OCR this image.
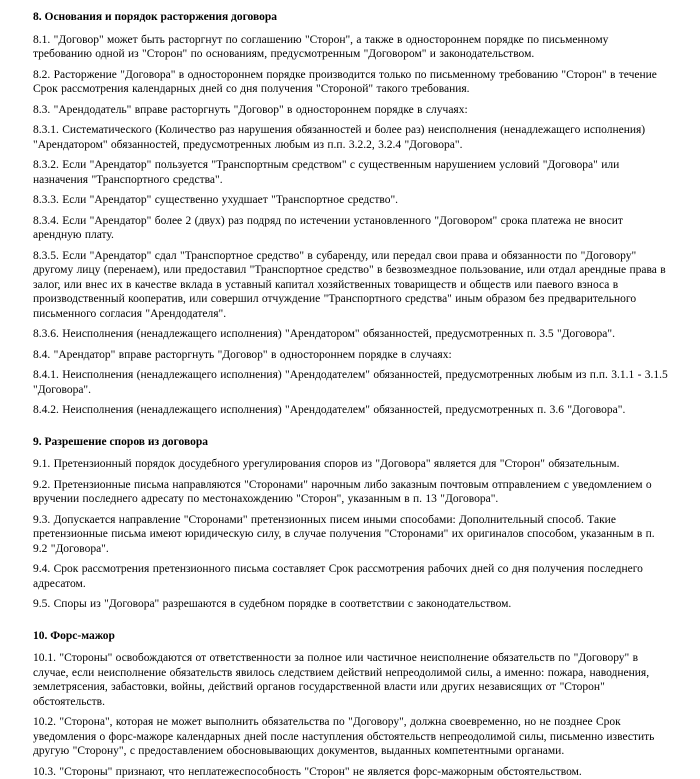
8. Основания и порядок расторжения договора

8.1. "Договор" может быть расторгнут по соглашению "Сторон", а также в одностороннем порядке по письменному требованию одной из "Сторон" по основаниям, предусмотренным "Договором" и законодательством.

8.2. Расторжение "Договора" в одностороннем порядке производится только по письменному требованию "Сторон" в течение Срок рассмотрения календарных дней со дня получения "Стороной" такого требования.

8.3. "Арендодатель" вправе расторгнуть "Договор" в одностороннем порядке в случаях:

8.3.1. Систематического (Количество раз нарушения обязанностей и более раз) неисполнения (ненадлежащего исполнения) "Арендатором" обязанностей, предусмотренных любым из п.п. 3.2.2, 3.2.4 "Договора".

8.3.2. Если "Арендатор" пользуется "Транспортным средством" с существенным нарушением условий "Договора" или назначения "Транспортного средства".

8.3.3. Если "Арендатор" существенно ухудшает "Транспортное средство".

8.3.4. Если "Арендатор" более 2 (двух) раз подряд по истечении установленного "Договором" срока платежа не вносит арендную плату.

8.3.5. Если "Арендатор" сдал "Транспортное средство" в субаренду, или передал свои права и обязанности по "Договору" другому лицу (перенаем), или предоставил "Транспортное средство" в безвозмездное пользование, или отдал арендные права в залог, или внес их в качестве вклада в уставный капитал хозяйственных товариществ и обществ или паевого взноса в производственный кооператив, или совершил отчуждение "Транспортного средства" иным образом без предварительного письменного согласия "Арендодателя".

8.3.6. Неисполнения (ненадлежащего исполнения) "Арендатором" обязанностей, предусмотренных п. 3.5 "Договора".

8.4. "Арендатор" вправе расторгнуть "Договор" в одностороннем порядке в случаях:

8.4.1. Неисполнения (ненадлежащего исполнения) "Арендодателем" обязанностей, предусмотренных любым из п.п. 3.1.1 - 3.1.5 "Договора".

8.4.2. Неисполнения (ненадлежащего исполнения) "Арендодателем" обязанностей, предусмотренных п. 3.6 "Договора".

9. Разрешение споров из договора

9.1. Претензионный порядок досудебного урегулирования споров из "Договора" является для "Сторон" обязательным.

9.2. Претензионные письма направляются "Сторонами" нарочным либо заказным почтовым отправлением с уведомлением о вручении последнего адресату по местонахождению "Сторон", указанным в п. 13 "Договора".

9.3. Допускается направление "Сторонами" претензионных писем иными способами: Дополнительный способ. Такие претензионные письма имеют юридическую силу, в случае получения "Сторонами" их оригиналов способом, указанным в п. 9.2 "Договора".

9.4. Срок рассмотрения претензионного письма составляет Срок рассмотрения рабочих дней со дня получения последнего адресатом.

9.5. Споры из "Договора" разрешаются в судебном порядке в соответствии с законодательством.

10. Форс-мажор

10.1. "Стороны" освобождаются от ответственности за полное или частичное неисполнение обязательств по "Договору" в случае, если неисполнение обязательств явилось следствием действий непреодолимой силы, а именно: пожара, наводнения, землетрясения, забастовки, войны, действий органов государственной власти или других независящих от "Сторон" обстоятельств.

10.2. "Сторона", которая не может выполнить обязательства по "Договору", должна своевременно, но не позднее Срок уведомления о форс-мажоре календарных дней после наступления обстоятельств непреодолимой силы, письменно известить другую "Сторону", с предоставлением обосновывающих документов, выданных компетентными органами.

10.3. "Стороны" признают, что неплатежеспособность "Сторон" не является форс-мажорным обстоятельством.
